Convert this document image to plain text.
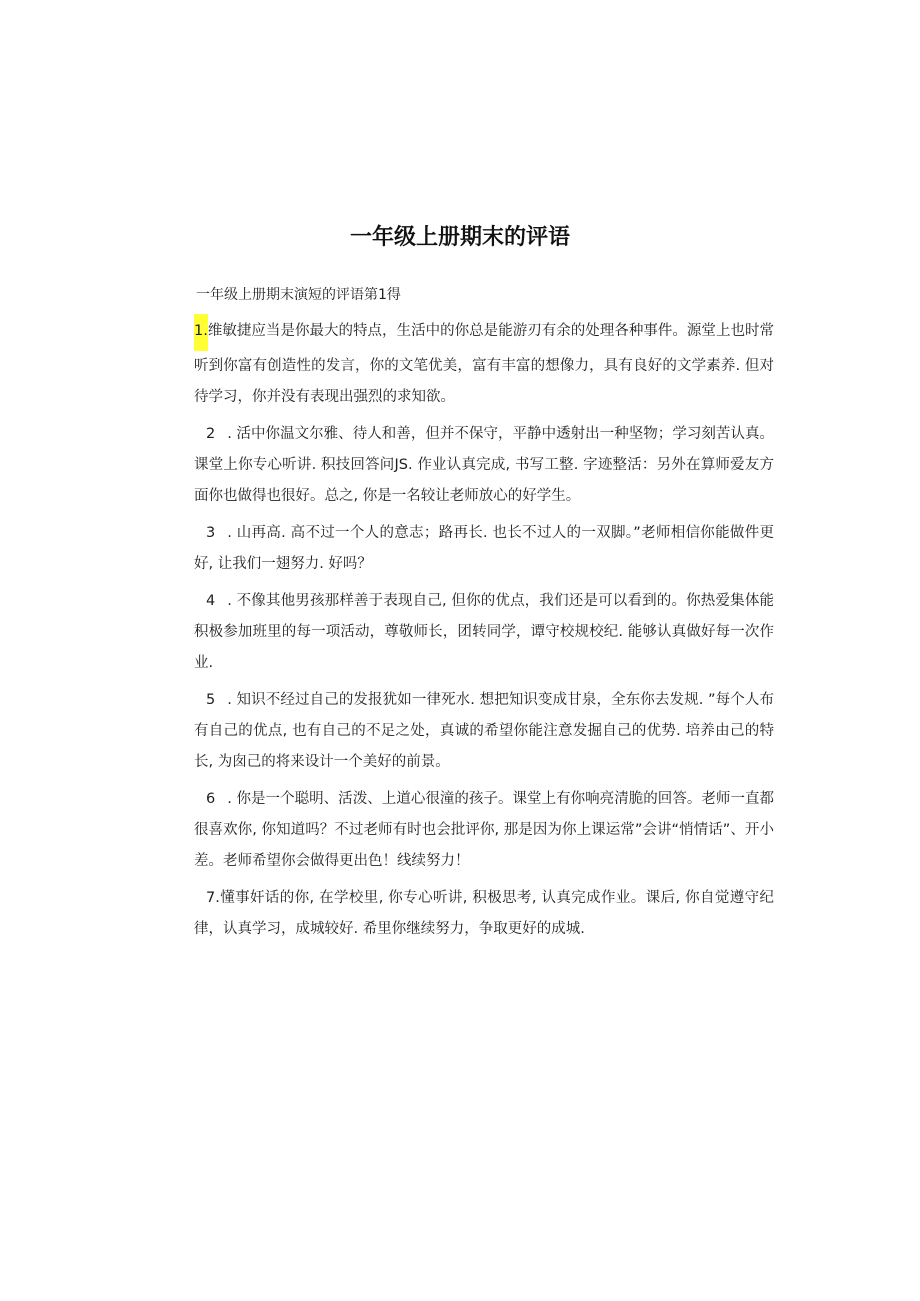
一年级上册期末的评语
一年级上册期末演短的评语第1得

1.维敏捷应当是你最大的特点，生活中的你总是能游刃有余的处理各种事件。源堂上也时常听到你富有创造性的发言，你的文笔优美，富有丰富的想像力，具有良好的文学素养. 但对待学习，你并没有表现出强烈的求知欲。

2 . 活中你温文尔雅、待人和善，但并不保守，平静中透射出一种坚物；学习刻苦认真。课堂上你专心听讲. 积技回答问JS. 作业认真完成, 书写工整. 字迹整活：另外在算师爱友方面你也做得也很好。总之, 你是一名较让老师放心的好学生。

3 . 山再高. 高不过一个人的意志；路再长. 也长不过人的一双脚。”老师相信你能做件更好, 让我们一翅努力. 好吗？

4 . 不像其他男孩那样善于表现自己, 但你的优点，我们还是可以看到的。你热爱集体能积极参加班里的每一项活动，尊敬师长，团转同学，谭守校规校纪. 能够认真做好每一次作业.

5 . 知识不经过自己的发报犹如一律死水. 想把知识变成甘泉，全东你去发规. ”每个人布有自己的优点, 也有自己的不足之处，真诚的希望你能注意发掘自己的优势. 培养由己的特长, 为囱己的将来设计一个美好的前景。

6 . 你是一个聪明、活泼、上道心很潼的孩子。课堂上有你响亮清脆的回答。老师一直都很喜欢你, 你知道吗？不过老师有时也会批评你, 那是因为你上课运常”会讲“悄情话”、开小差。老师希望你会做得更出色！线续努力！

7.懂事奸话的你, 在学校里, 你专心听讲, 积极思考, 认真完成作业。课后, 你自觉遵守纪律，认真学习，成城较好. 希里你继续努力，争取更好的成城.
